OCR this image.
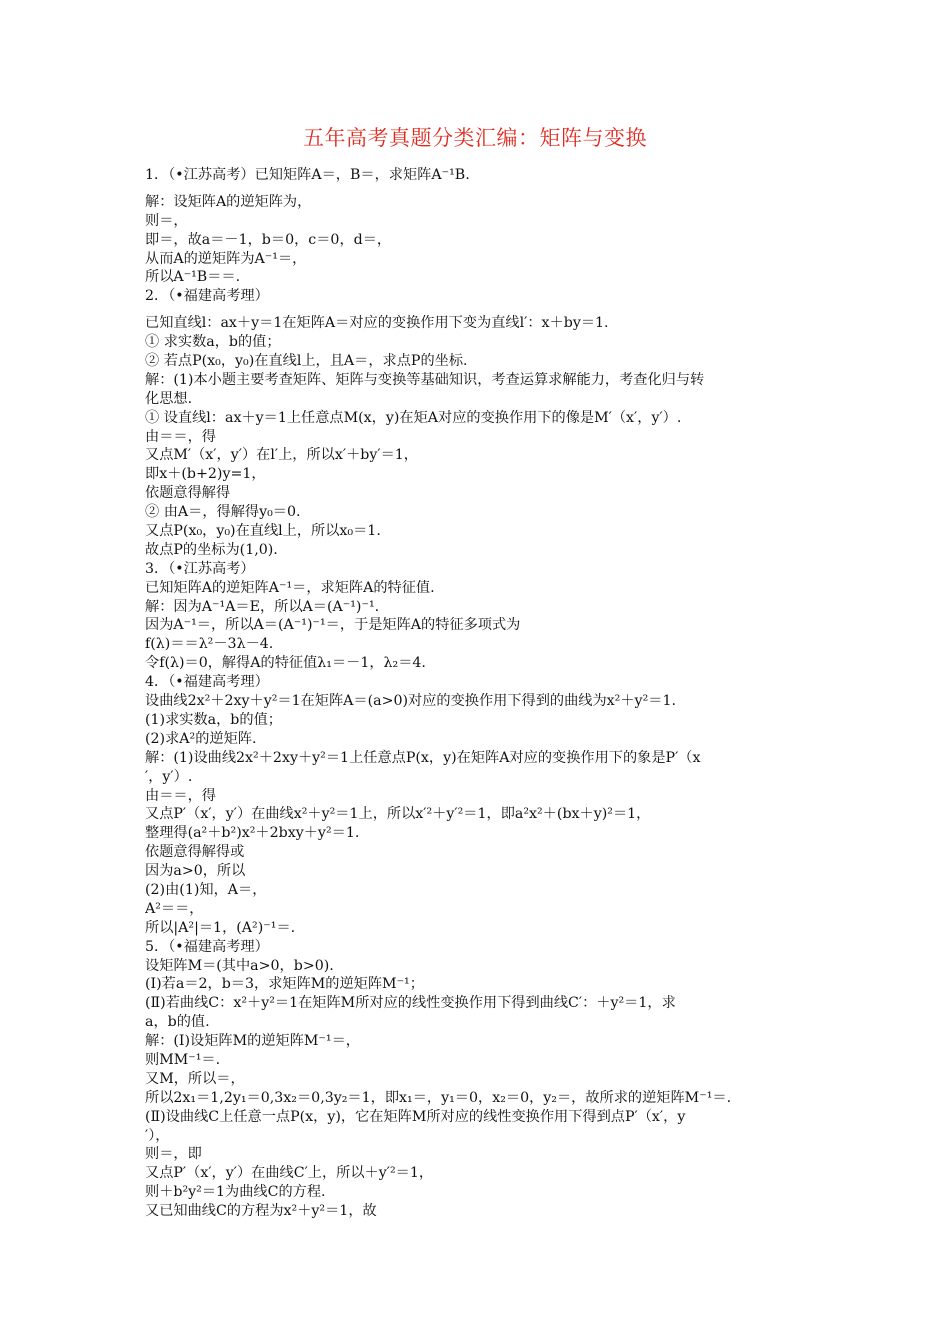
五年高考真题分类汇编：矩阵与变换
1．（•江苏高考）已知矩阵A＝，B＝，求矩阵A⁻¹B.
解：设矩阵A的逆矩阵为，
则＝，
即＝，故a＝－1，b＝0，c＝0，d＝，
从而A的逆矩阵为A⁻¹＝，
所以A⁻¹B＝＝.
2．（•福建高考理）
已知直线l：ax＋y＝1在矩阵A＝对应的变换作用下变为直线l′：x＋by＝1.
① 求实数a，b的值；
② 若点P(x₀，y₀)在直线l上，且A＝，求点P的坐标.
解：(1)本小题主要考查矩阵、矩阵与变换等基础知识，考查运算求解能力，考查化归与转
化思想.
① 设直线l：ax＋y＝1上任意点M(x，y)在矩A对应的变换作用下的像是M′（x′，y′）.
由＝＝，得
又点M′（x′，y′）在l′上，所以x′＋by′＝1，
即x＋(b+2)y=1，
依题意得解得
② 由A＝，得解得y₀＝0.
又点P(x₀，y₀)在直线l上，所以x₀＝1.
故点P的坐标为(1,0).
3．（•江苏高考）
已知矩阵A的逆矩阵A⁻¹＝，求矩阵A的特征值.
解：因为A⁻¹A＝E，所以A＝(A⁻¹)⁻¹.
因为A⁻¹＝，所以A＝(A⁻¹)⁻¹＝，于是矩阵A的特征多项式为
f(λ)＝＝λ²－3λ－4.
令f(λ)＝0，解得A的特征值λ₁＝－1，λ₂＝4.
4．（•福建高考理）
设曲线2x²＋2xy＋y²＝1在矩阵A＝(a>0)对应的变换作用下得到的曲线为x²＋y²＝1.
(1)求实数a，b的值；
(2)求A²的逆矩阵.
解：(1)设曲线2x²＋2xy＋y²＝1上任意点P(x，y)在矩阵A对应的变换作用下的象是P′（x
′，y′）.
由＝＝，得
又点P′（x′，y′）在曲线x²＋y²＝1上，所以x′²＋y′²＝1，即a²x²＋(bx＋y)²＝1，
整理得(a²＋b²)x²＋2bxy＋y²＝1.
依题意得解得或
因为a>0，所以
(2)由(1)知，A＝，
A²＝＝，
所以|A²|＝1，(A²)⁻¹＝.
5．（•福建高考理）
设矩阵M＝(其中a>0，b>0).
(Ⅰ)若a＝2，b＝3，求矩阵M的逆矩阵M⁻¹；
(Ⅱ)若曲线C：x²＋y²＝1在矩阵M所对应的线性变换作用下得到曲线C′：＋y²＝1，求
a，b的值.
解：(Ⅰ)设矩阵M的逆矩阵M⁻¹＝，
则MM⁻¹＝.
又M，所以＝，
所以2x₁＝1,2y₁＝0,3x₂＝0,3y₂＝1，即x₁＝，y₁＝0，x₂＝0，y₂＝，故所求的逆矩阵M⁻¹＝.
(Ⅱ)设曲线C上任意一点P(x，y)，它在矩阵M所对应的线性变换作用下得到点P′（x′，y
′），
则＝，即
又点P′（x′，y′）在曲线C′上，所以＋y′²＝1，
则＋b²y²＝1为曲线C的方程.
又已知曲线C的方程为x²＋y²＝1，故
